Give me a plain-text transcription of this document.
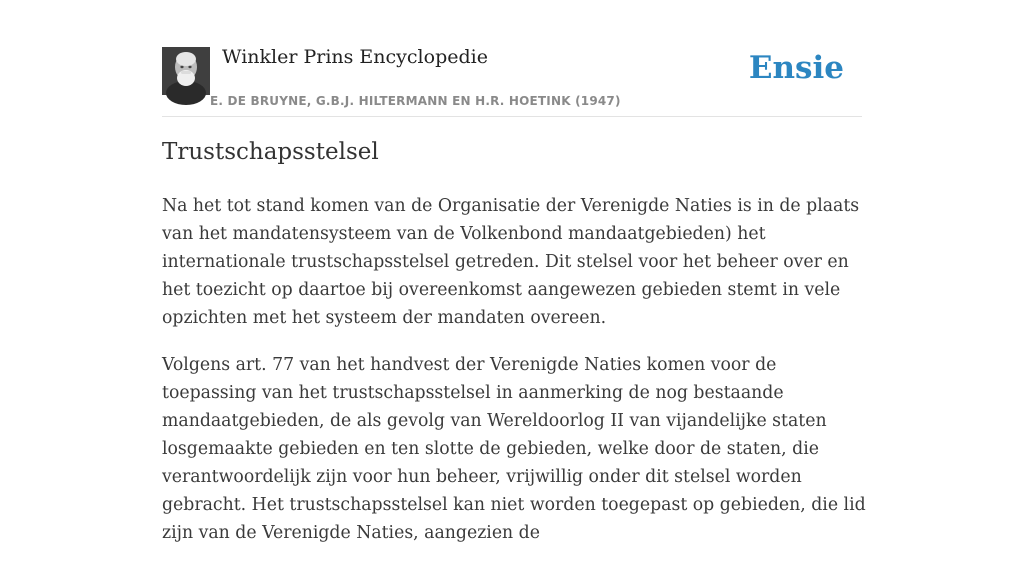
Winkler Prins Encyclopedie
E. DE BRUYNE, G.B.J. HILTERMANN EN H.R. HOETINK (1947)
Ensie
Trustschapsstelsel

Na het tot stand komen van de Organisatie der Verenigde Naties is in de plaats van het mandatensysteem van de Volkenbond mandaatgebieden) het internationale trustschapsstelsel getreden. Dit stelsel voor het beheer over en het toezicht op daartoe bij overeenkomst aangewezen gebieden stemt in vele opzichten met het systeem der mandaten overeen.

Volgens art. 77 van het handvest der Verenigde Naties komen voor de toepassing van het trustschapsstelsel in aanmerking de nog bestaande mandaatgebieden, de als gevolg van Wereldoorlog II van vijandelijke staten losgemaakte gebieden en ten slotte de gebieden, welke door de staten, die verantwoordelijk zijn voor hun beheer, vrijwillig onder dit stelsel worden gebracht. Het trustschapsstelsel kan niet worden toegepast op gebieden, die lid zijn van de Verenigde Naties, aangezien de
